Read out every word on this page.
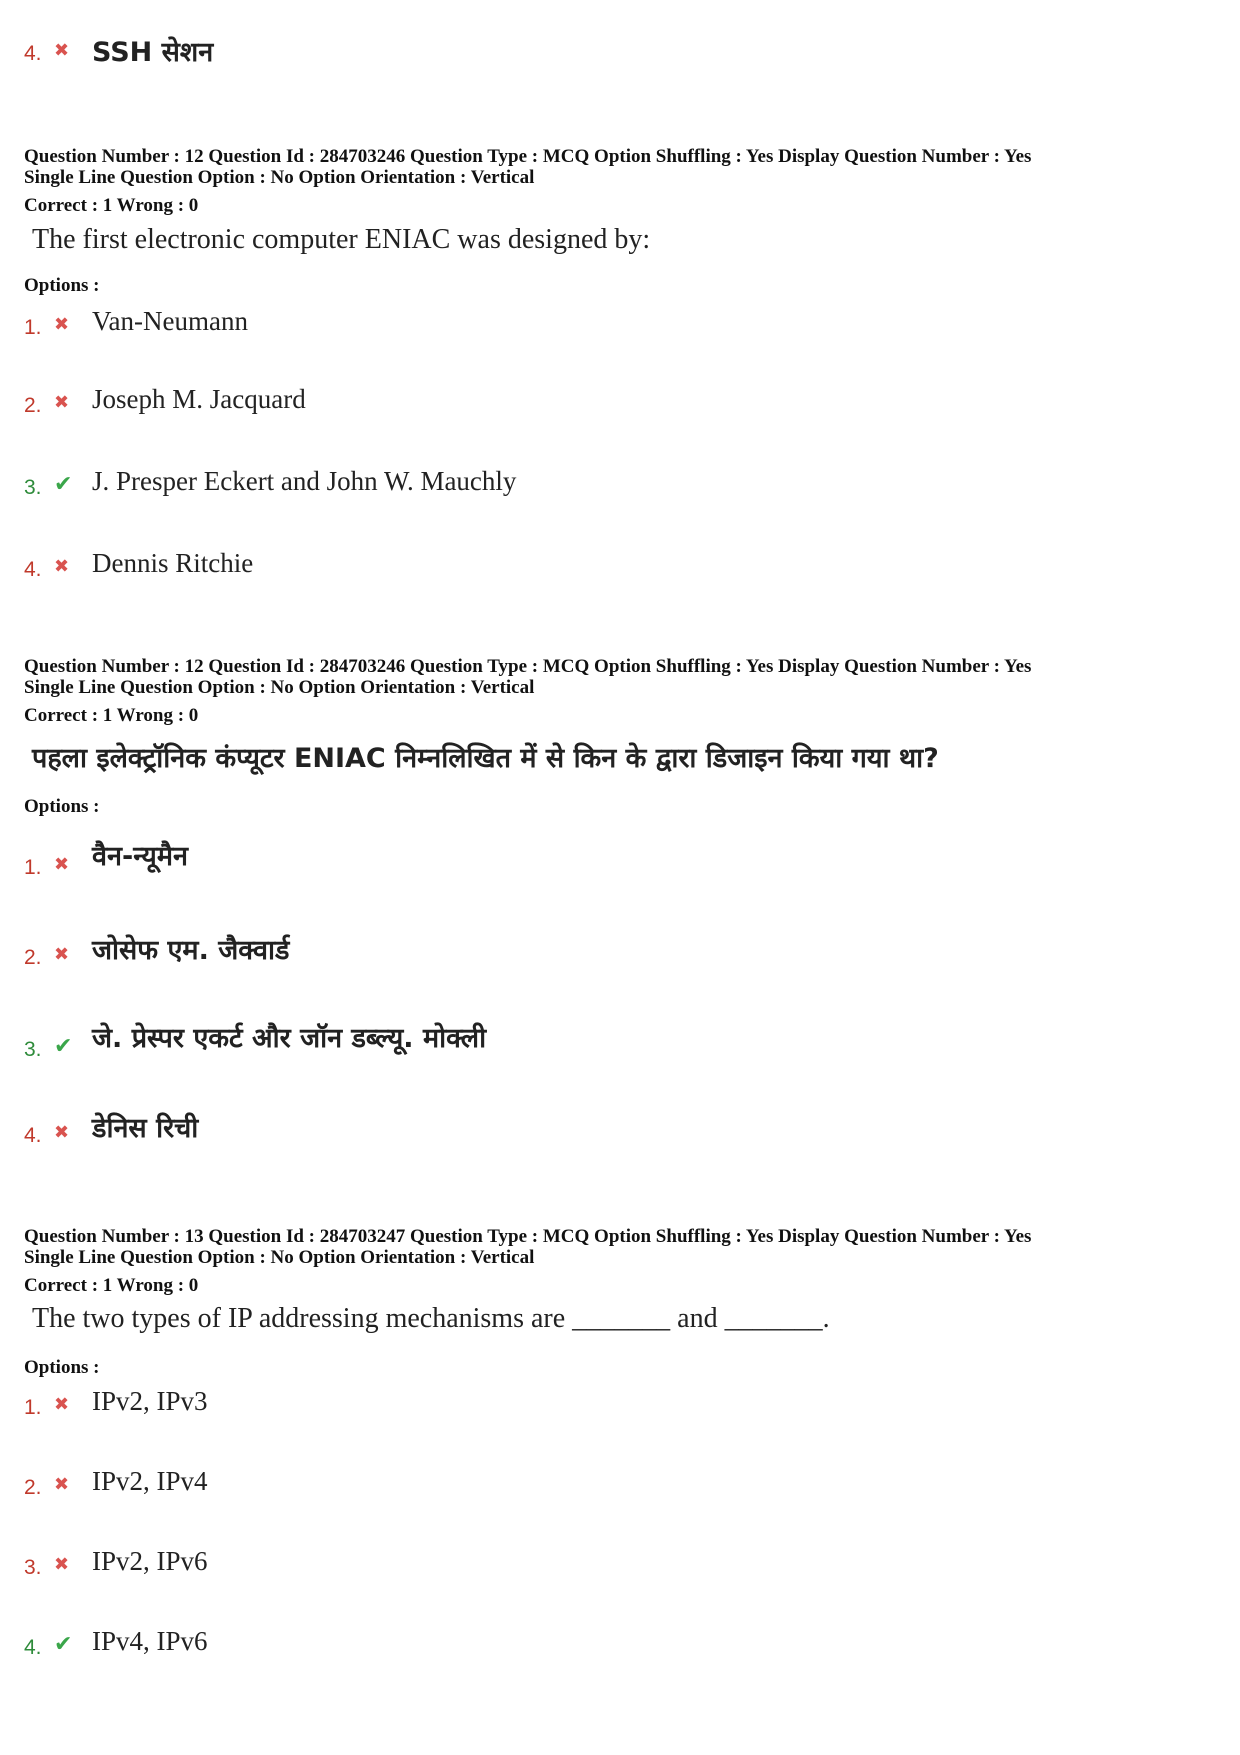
4. ✖ SSH सेशन
Question Number : 12 Question Id : 284703246 Question Type : MCQ Option Shuffling : Yes Display Question Number : Yes
Single Line Question Option : No Option Orientation : Vertical
Correct : 1 Wrong : 0
The first electronic computer ENIAC was designed by:
Options :
1. ✖ Van-Neumann
2. ✖ Joseph M. Jacquard
3. ✔ J. Presper Eckert and John W. Mauchly
4. ✖ Dennis Ritchie
Question Number : 12 Question Id : 284703246 Question Type : MCQ Option Shuffling : Yes Display Question Number : Yes
Single Line Question Option : No Option Orientation : Vertical
Correct : 1 Wrong : 0
पहला इलेक्ट्रॉनिक कंप्यूटर ENIAC निम्नलिखित में से किन के द्वारा डिजाइन किया गया था?
Options :
1. ✖ वैन-न्यूमैन
2. ✖ जोसेफ एम. जैक्वार्ड
3. ✔ जे. प्रेस्पर एकर्ट और जॉन डब्ल्यू. मोक्ली
4. ✖ डेनिस रिची
Question Number : 13 Question Id : 284703247 Question Type : MCQ Option Shuffling : Yes Display Question Number : Yes
Single Line Question Option : No Option Orientation : Vertical
Correct : 1 Wrong : 0
The two types of IP addressing mechanisms are _______ and _______.
Options :
1. ✖ IPv2, IPv3
2. ✖ IPv2, IPv4
3. ✖ IPv2, IPv6
4. ✔ IPv4, IPv6
